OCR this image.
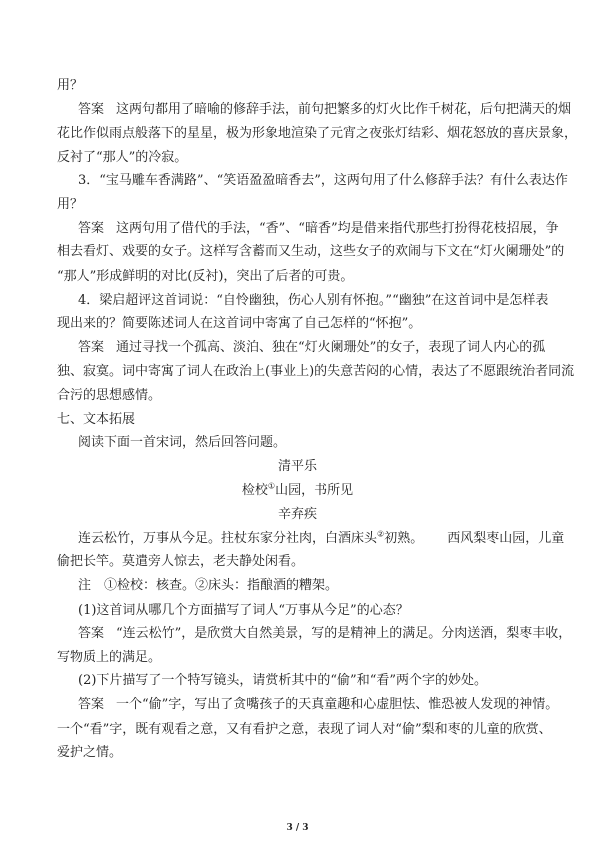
用？
答案 这两句都用了暗喻的修辞手法，前句把繁多的灯火比作千树花，后句把满天的烟
花比作似雨点般落下的星星，极为形象地渲染了元宵之夜张灯结彩、烟花怒放的喜庆景象，
反衬了“那人”的冷寂。
3．“宝马雕车香满路”、“笑语盈盈暗香去”，这两句用了什么修辞手法？有什么表达作
用？
答案 这两句用了借代的手法，“香”、“暗香”均是借来指代那些打扮得花枝招展，争
相去看灯、戏要的女子。这样写含蓄而又生动，这些女子的欢闹与下文在“灯火阑珊处”的
“那人”形成鲜明的对比(反衬)，突出了后者的可贵。
4．梁启超评这首词说：“自怜幽独，伤心人别有怀抱。”“幽独”在这首词中是怎样表
现出来的？简要陈述词人在这首词中寄寓了自己怎样的“怀抱”。
答案 通过寻找一个孤高、淡泊、独在“灯火阑珊处”的女子，表现了词人内心的孤
独、寂寞。词中寄寓了词人在政治上(事业上)的失意苦闷的心情，表达了不愿跟统治者同流
合污的思想感情。
七、文本拓展
阅读下面一首宋词，然后回答问题。
清平乐
检校①山园，书所见
辛弃疾
连云松竹，万事从今足。拄杖东家分社肉，白酒床头②初熟。 西风梨枣山园，儿童
偷把长竿。莫遣旁人惊去，老夫静处闲看。
注　①检校：核查。②床头：指酿酒的糟架。
(1)这首词从哪几个方面描写了词人“万事从今足”的心态？
答案 “连云松竹”，是欣赏大自然美景，写的是精神上的满足。分肉送酒，梨枣丰收，
写物质上的满足。
(2)下片描写了一个特写镜头，请赏析其中的“偷”和“看”两个字的妙处。
答案 一个“偷”字，写出了贪嘴孩子的天真童趣和心虚胆怯、惟恐被人发现的神情。
一个“看”字，既有观看之意，又有看护之意，表现了词人对“偷”梨和枣的儿童的欣赏、
爱护之情。
3 / 3
